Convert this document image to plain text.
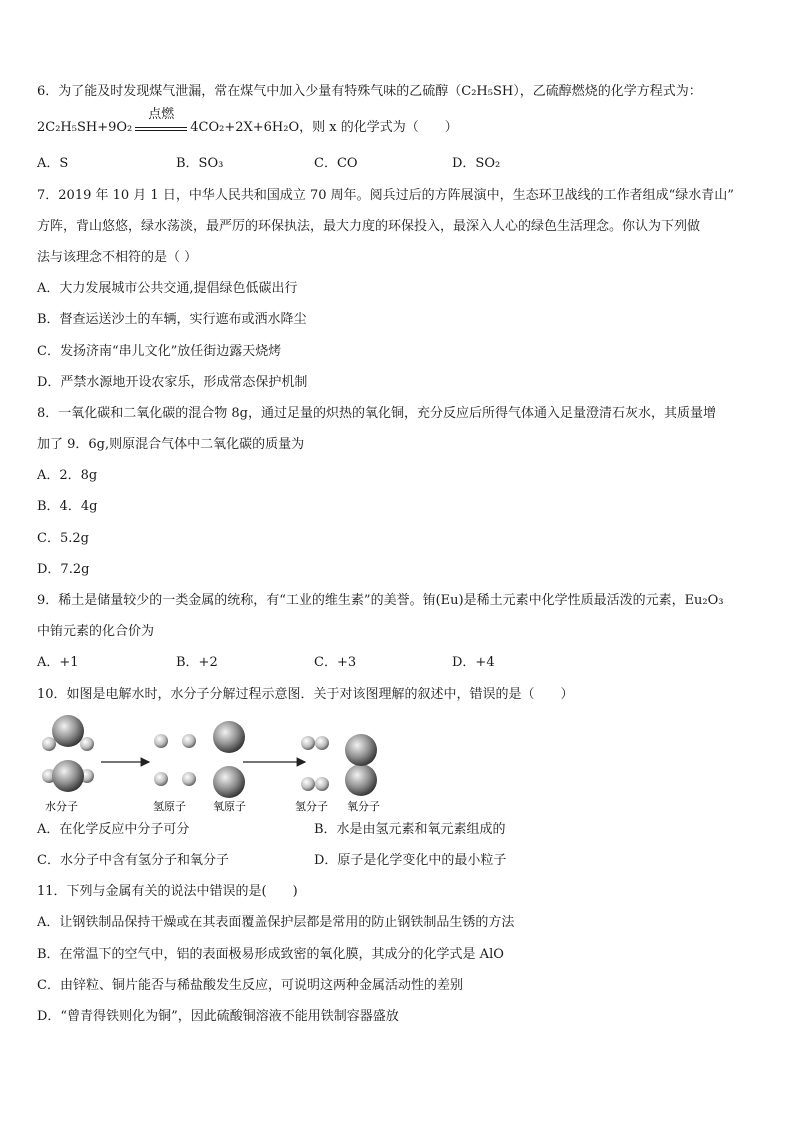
6．为了能及时发现煤气泄漏，常在煤气中加入少量有特殊气味的乙硫醇（C₂H₅SH），乙硫醇燃烧的化学方程式为：
2C₂H₅SH+9O₂
点燃
4CO₂+2X+6H₂O，则 x 的化学式为（　　）
A．S	B．SO₃	C．CO	D．SO₂
7．2019 年 10 月 1 日，中华人民共和国成立 70 周年。阅兵过后的方阵展演中，生态环卫战线的工作者组成“绿水青山”
方阵，背山悠悠，绿水荡淡，最严厉的环保执法，最大力度的环保投入，最深入人心的绿色生活理念。你认为下列做
法与该理念不相符的是（ ）
A．大力发展城市公共交通,提倡绿色低碳出行
B．督查运送沙土的车辆，实行遮布或洒水降尘
C．发扬济南“串儿文化”放任街边露天烧烤
D．严禁水源地开设农家乐，形成常态保护机制
8．一氧化碳和二氧化碳的混合物 8g，通过足量的炽热的氧化铜，充分反应后所得气体通入足量澄清石灰水，其质量增
加了 9．6g,则原混合气体中二氧化碳的质量为
A．2．8g
B．4．4g
C．5.2g
D．7.2g
9．稀土是储量较少的一类金属的统称，有“工业的维生素”的美誉。铕(Eu)是稀土元素中化学性质最活泼的元素，Eu₂O₃
中铕元素的化合价为
A．+1	B．+2	C．+3	D．+4
10．如图是电解水时，水分子分解过程示意图．关于对该图理解的叙述中，错误的是（　　）
水分子	氢原子 氧原子	氢分子 氧分子
A．在化学反应中分子可分	B．水是由氢元素和氧元素组成的
C．水分子中含有氢分子和氧分子	D．原子是化学变化中的最小粒子
11．下列与金属有关的说法中错误的是(　　)
A．让钢铁制品保持干燥或在其表面覆盖保护层都是常用的防止钢铁制品生锈的方法
B．在常温下的空气中，铝的表面极易形成致密的氧化膜，其成分的化学式是 AlO
C．由锌粒、铜片能否与稀盐酸发生反应，可说明这两种金属活动性的差别
D．“曾青得铁则化为铜”，因此硫酸铜溶液不能用铁制容器盛放
